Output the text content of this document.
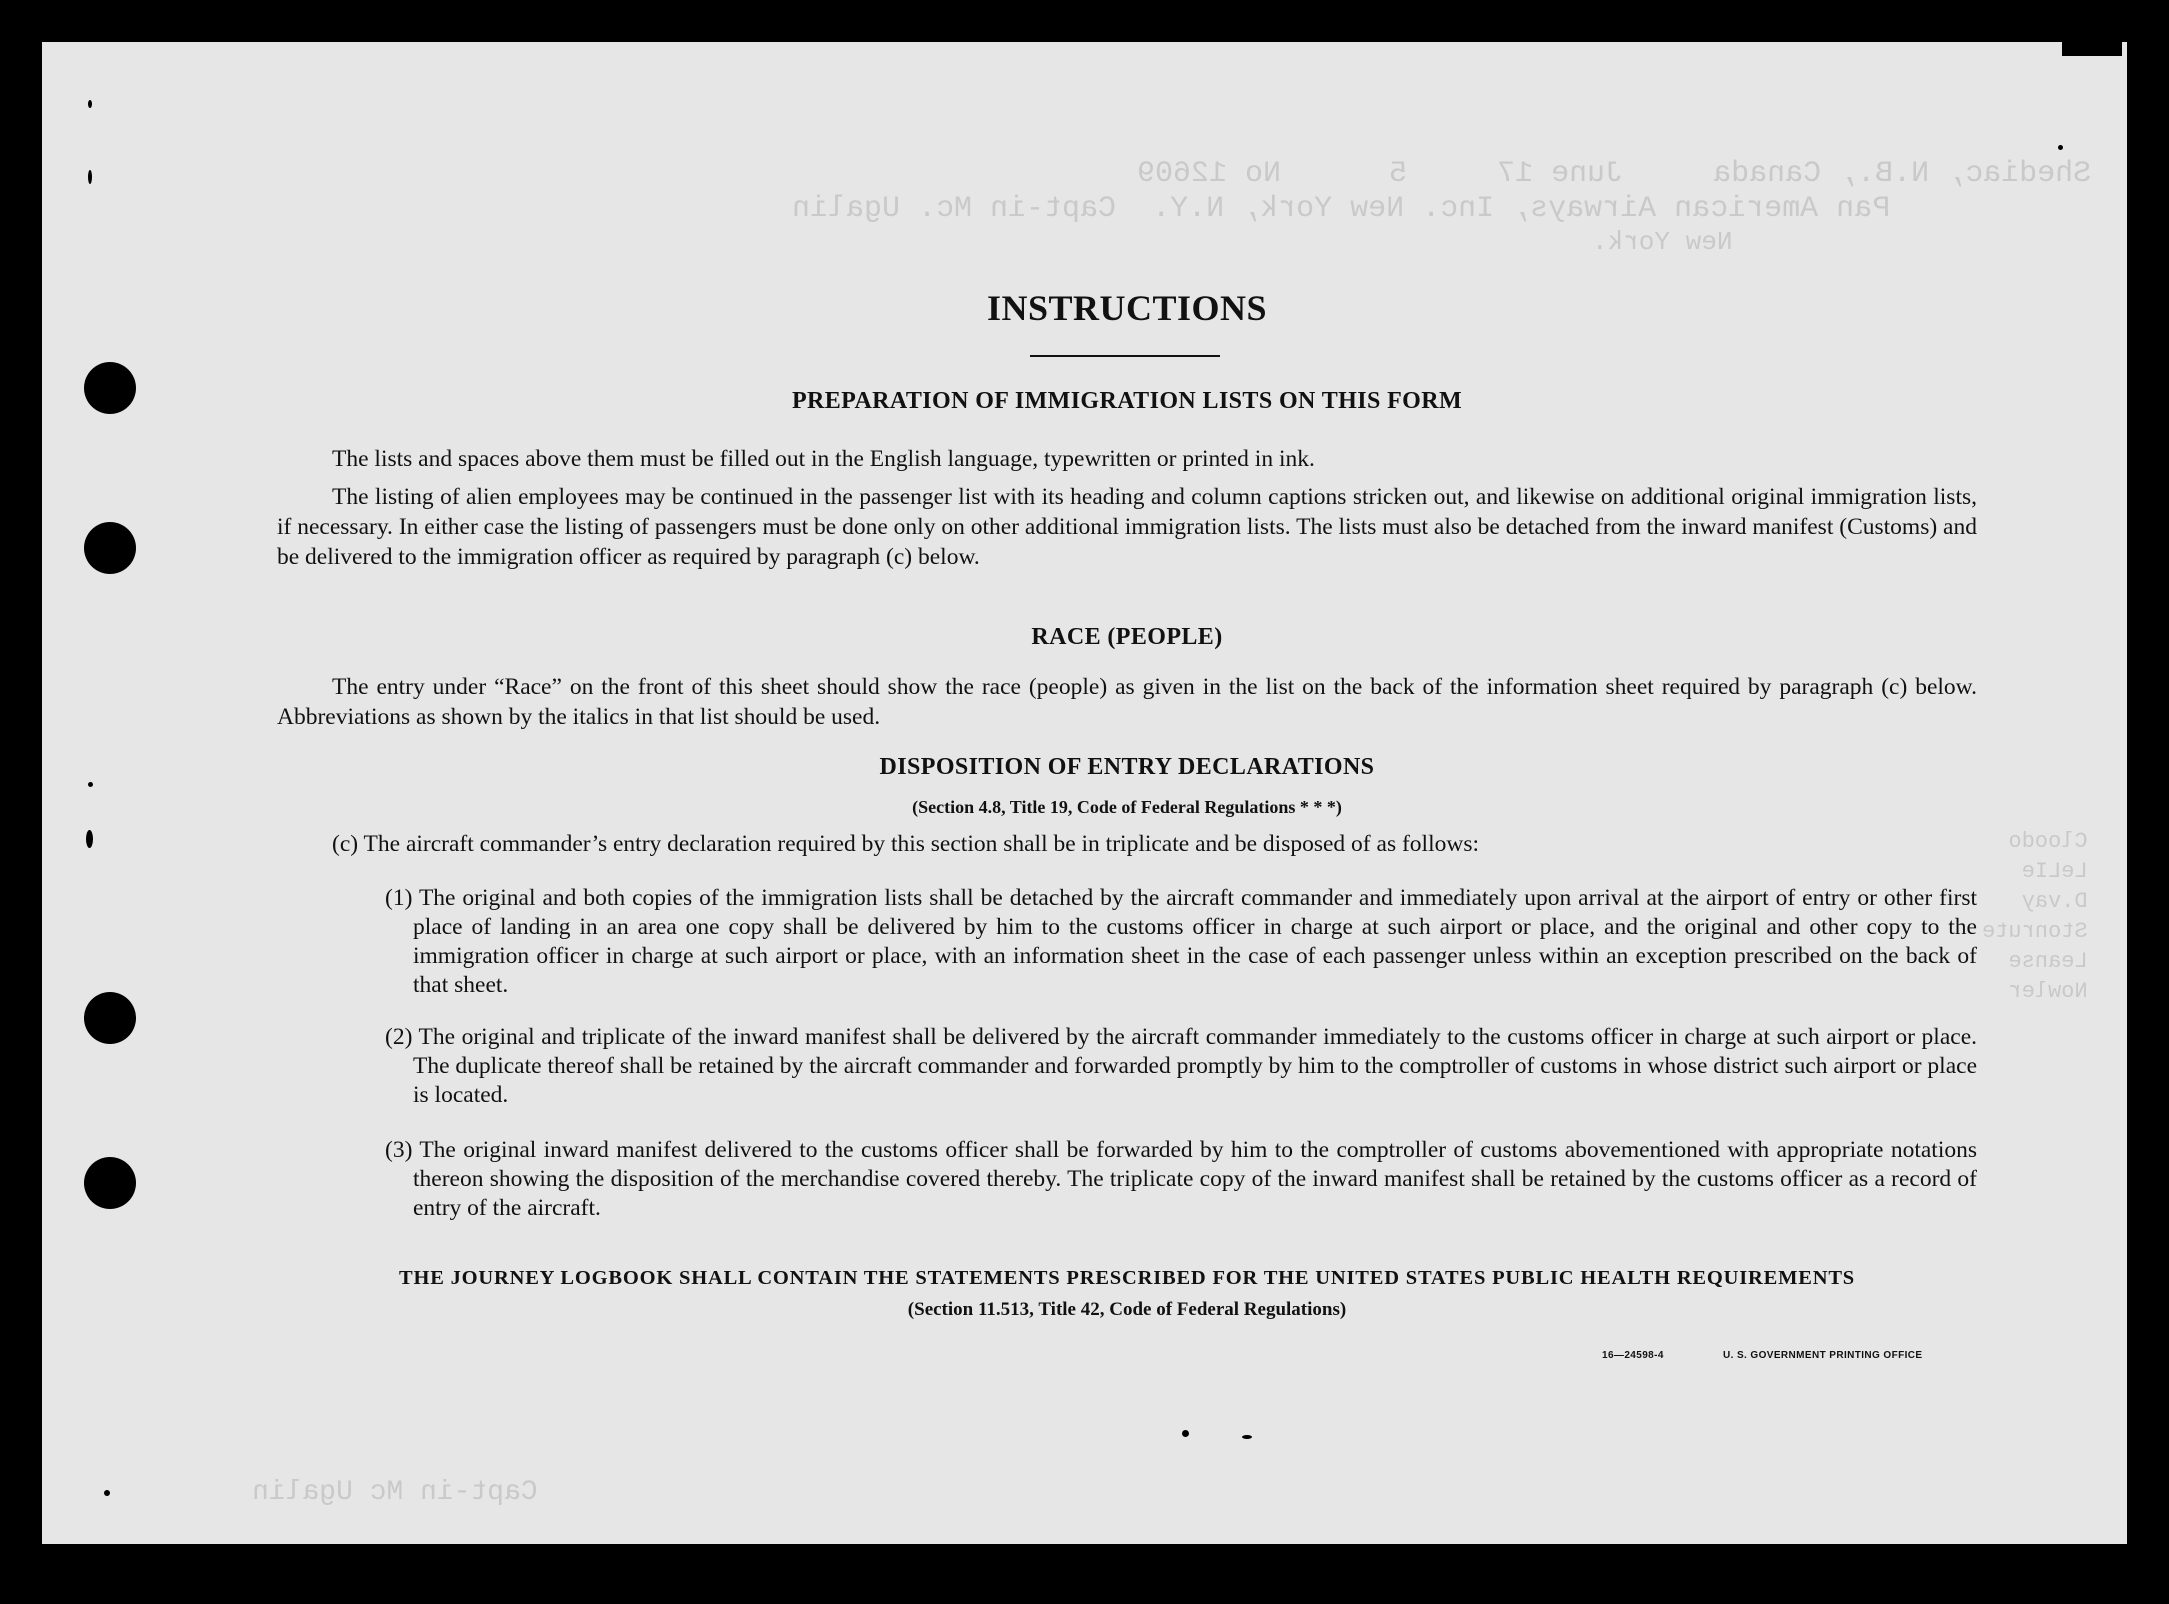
Shediac, N.B., Canada     June 17     5      No 12609
Pan American Airways, Inc. New York, N.Y.  Capt-in Mc. Ugalin
New York.
Capt-in Mc Ugalin
Cloodo
LeLIe
D.vay
Stonrute
Leanse
Nowler
INSTRUCTIONS
PREPARATION OF IMMIGRATION LISTS ON THIS FORM
The lists and spaces above them must be filled out in the English language, typewritten or printed in ink.
The listing of alien employees may be continued in the passenger list with its heading and column captions stricken out, and likewise on additional original immigration lists, if necessary. In either case the listing of passengers must be done only on other additional immigration lists. The lists must also be detached from the inward manifest (Customs) and be delivered to the immigration officer as required by paragraph (c) below.
RACE (PEOPLE)
The entry under “Race” on the front of this sheet should show the race (people) as given in the list on the back of the information sheet required by paragraph (c) below. Abbreviations as shown by the italics in that list should be used.
DISPOSITION OF ENTRY DECLARATIONS
(Section 4.8, Title 19, Code of Federal Regulations * * *)
(c) The aircraft commander’s entry declaration required by this section shall be in triplicate and be disposed of as follows:
(1) The original and both copies of the immigration lists shall be detached by the aircraft commander and immediately upon arrival at the airport of entry or other first place of landing in an area one copy shall be delivered by him to the customs officer in charge at such airport or place, and the original and other copy to the immigration officer in charge at such airport or place, with an information sheet in the case of each passenger unless within an exception prescribed on the back of that sheet.
(2) The original and triplicate of the inward manifest shall be delivered by the aircraft commander immediately to the customs officer in charge at such airport or place. The duplicate thereof shall be retained by the aircraft commander and forwarded promptly by him to the comptroller of customs in whose district such airport or place is located.
(3) The original inward manifest delivered to the customs officer shall be forwarded by him to the comptroller of customs abovementioned with appropriate notations thereon showing the disposition of the merchandise covered thereby. The triplicate copy of the inward manifest shall be retained by the customs officer as a record of entry of the aircraft.
THE JOURNEY LOGBOOK SHALL CONTAIN THE STATEMENTS PRESCRIBED FOR THE UNITED STATES PUBLIC HEALTH REQUIREMENTS
(Section 11.513, Title 42, Code of Federal Regulations)
16—24598-4	U. S. GOVERNMENT PRINTING OFFICE
